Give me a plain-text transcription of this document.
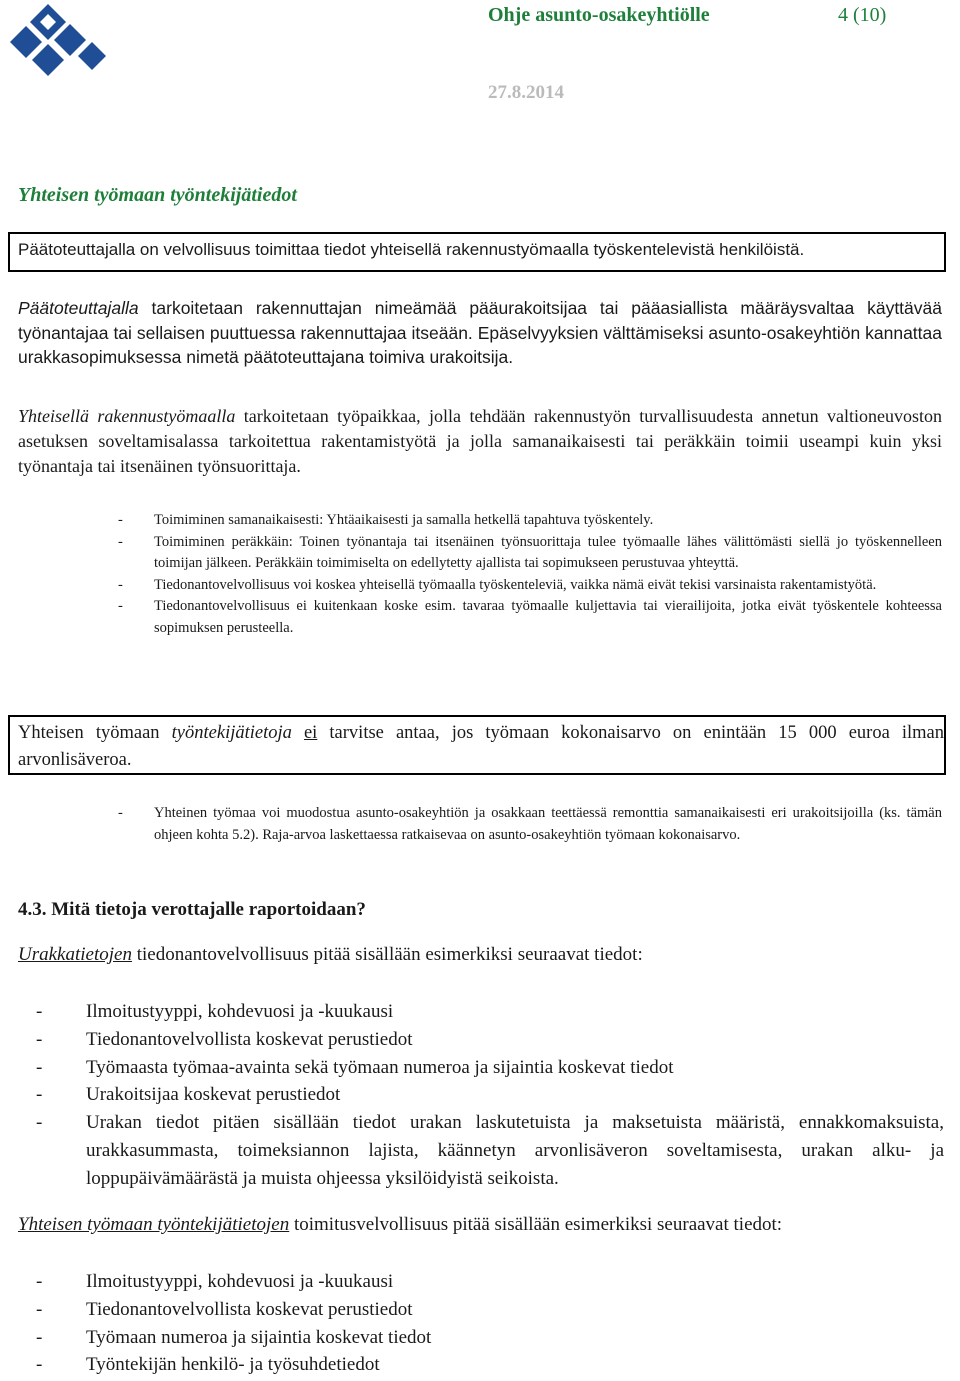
Ohje asunto-osakeyhtiölle	4 (10)
27.8.2014
Yhteisen työmaan työntekijätiedot
Päätoteuttajalla on velvollisuus toimittaa tiedot yhteisellä rakennustyömaalla työskentelevistä henkilöistä.
Päätoteuttajalla tarkoitetaan rakennuttajan nimeämää pääurakoitsijaa tai pääasiallista määräysvaltaa käyttävää työnantajaa tai sellaisen puuttuessa rakennuttajaa itseään. Epäselvyyksien välttämiseksi asunto-osakeyhtiön kannattaa urakkasopimuksessa nimetä päätoteuttajana toimiva urakoitsija.
Yhteisellä rakennustyömaalla tarkoitetaan työpaikkaa, jolla tehdään rakennustyön turvallisuudesta annetun valtioneuvoston asetuksen soveltamisalassa tarkoitettua rakentamistyötä ja jolla samanaikaisesti tai peräkkäin toimii useampi kuin yksi työnantaja tai itsenäinen työnsuorittaja.
- Toimiminen samanaikaisesti: Yhtäaikaisesti ja samalla hetkellä tapahtuva työskentely.
- Toimiminen peräkkäin: Toinen työnantaja tai itsenäinen työnsuorittaja tulee työmaalle lähes välittömästi siellä jo työskennelleen toimijan jälkeen. Peräkkäin toimimiselta on edellytetty ajallista tai sopimukseen perustuvaa yhteyttä.
- Tiedonantovelvollisuus voi koskea yhteisellä työmaalla työskenteleviä, vaikka nämä eivät tekisi varsinaista rakentamistyötä.
- Tiedonantovelvollisuus ei kuitenkaan koske esim. tavaraa työmaalle kuljettavia tai vierailijoita, jotka eivät työskentele kohteessa sopimuksen perusteella.
Yhteisen työmaan työntekijätietoja ei tarvitse antaa, jos työmaan kokonaisarvo on enintään 15 000 euroa ilman arvonlisäveroa.
- Yhteinen työmaa voi muodostua asunto-osakeyhtiön ja osakkaan teettäessä remonttia samanaikaisesti eri urakoitsijoilla (ks. tämän ohjeen kohta 5.2). Raja-arvoa laskettaessa ratkaisevaa on asunto-osakeyhtiön työmaan kokonaisarvo.
4.3. Mitä tietoja verottajalle raportoidaan?
Urakkatietojen tiedonantovelvollisuus pitää sisällään esimerkiksi seuraavat tiedot:
- Ilmoitustyyppi, kohdevuosi ja -kuukausi
- Tiedonantovelvollista koskevat perustiedot
- Työmaasta työmaa-avainta sekä työmaan numeroa ja sijaintia koskevat tiedot
- Urakoitsijaa koskevat perustiedot
- Urakan tiedot pitäen sisällään tiedot urakan laskutetuista ja maksetuista määristä, ennakkomaksuista, urakkasummasta, toimeksiannon lajista, käännetyn arvonlisäveron soveltamisesta, urakan alku- ja loppupäivämäärästä ja muista ohjeessa yksilöidyistä seikoista.
Yhteisen työmaan työntekijätietojen toimitusvelvollisuus pitää sisällään esimerkiksi seuraavat tiedot:
- Ilmoitustyyppi, kohdevuosi ja -kuukausi
- Tiedonantovelvollista koskevat perustiedot
- Työmaan numeroa ja sijaintia koskevat tiedot
- Työntekijän henkilö- ja työsuhdetiedot
